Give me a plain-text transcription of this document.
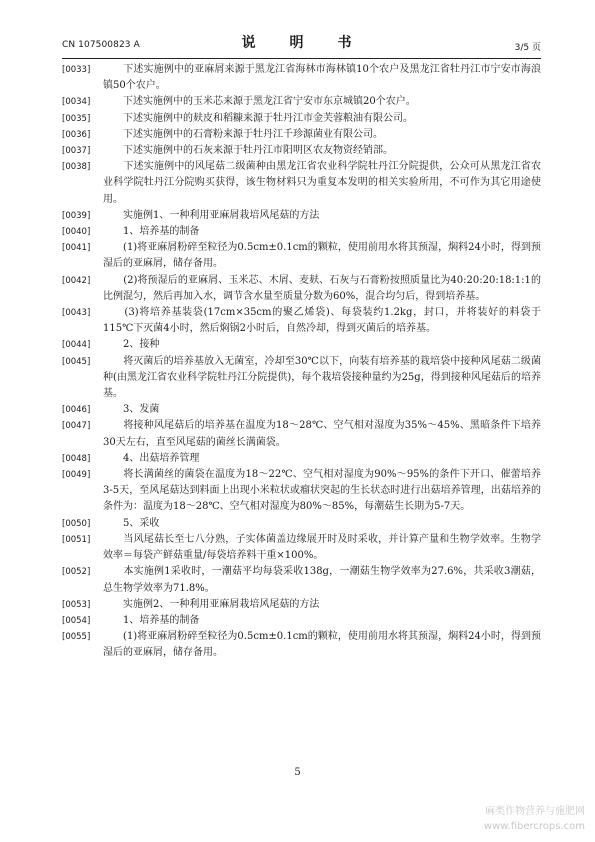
CN 107500823 A	说　明　书	3/5 页
[0033]	　　下述实施例中的亚麻屑来源于黑龙江省海林市海林镇10个农户及黑龙江省牡丹江市宁安市海浪镇50个农户。
[0034]	　　下述实施例中的玉米芯来源于黑龙江省宁安市东京城镇20个农户。
[0035]	　　下述实施例中的麸皮和稻糠来源于牡丹江市金芙蓉粮油有限公司。
[0036]	　　下述实施例中的石膏粉来源于牡丹江千珍源菌业有限公司。
[0037]	　　下述实施例中的石灰来源于牡丹江市阳明区农友物资经销部。
[0038]	　　下述实施例中的风尾菇二级菌种由黑龙江省农业科学院牡丹江分院提供，公众可从黑龙江省农业科学院牡丹江分院购买获得，该生物材料只为重复本发明的相关实验所用，不可作为其它用途使用。
[0039]	　　实施例1、一种利用亚麻屑栽培风尾菇的方法
[0040]	　　1、培养基的制备
[0041]	　　(1)将亚麻屑粉碎至粒径为0.5cm±0.1cm的颗粒，使用前用水将其预湿，焖料24小时，得到预湿后的亚麻屑，储存备用。
[0042]	　　(2)将预湿后的亚麻屑、玉米芯、木屑、麦麸、石灰与石膏粉按照质量比为40:20:20:18:1:1的比例混匀，然后再加入水，调节含水量至质量分数为60%，混合均匀后，得到培养基。
[0043]	　　(3)将培养基装袋(17cm×35cm的聚乙烯袋)、每袋装约1.2kg，封口，并将装好的料袋于115℃下灭菌4小时，然后焖锅2小时后，自然冷却，得到灭菌后的培养基。
[0044]	　　2、接种
[0045]	　　将灭菌后的培养基放入无菌室，冷却至30℃以下，向装有培养基的栽培袋中接种风尾菇二级菌种(由黑龙江省农业科学院牡丹江分院提供)，每个栽培袋接种量约为25g，得到接种风尾菇后的培养基。
[0046]	　　3、发菌
[0047]	　　将接种风尾菇后的培养基在温度为18～28℃、空气相对湿度为35%～45%、黑暗条件下培养30天左右，直至风尾菇的菌丝长满菌袋。
[0048]	　　4、出菇培养管理
[0049]	　　将长满菌丝的菌袋在温度为18～22℃、空气相对湿度为90%～95%的条件下开口、催蕾培养3-5天，至风尾菇达到料面上出现小米粒状或瘤状突起的生长状态时进行出菇培养管理，出菇培养的条件为：温度为18～28℃、空气相对湿度为80%～85%，每潮菇生长期为5-7天。
[0050]	　　5、采收
[0051]	　　当风尾菇长至七八分熟，子实体菌盖边缘展开时及时采收，并计算产量和生物学效率。生物学效率＝每袋产鲜菇重量/每袋培养料干重×100%。
[0052]	　　本实施例1采收时，一潮菇平均每袋采收138g，一潮菇生物学效率为27.6%，共采收3潮菇，总生物学效率为71.8%。
[0053]	　　实施例2、一种利用亚麻屑栽培风尾菇的方法
[0054]	　　1、培养基的制备
[0055]	　　(1)将亚麻屑粉碎至粒径为0.5cm±0.1cm的颗粒，使用前用水将其预湿，焖料24小时，得到预湿后的亚麻屑，储存备用。
5
麻类作物营养与施肥网
www.fibercrops.com
